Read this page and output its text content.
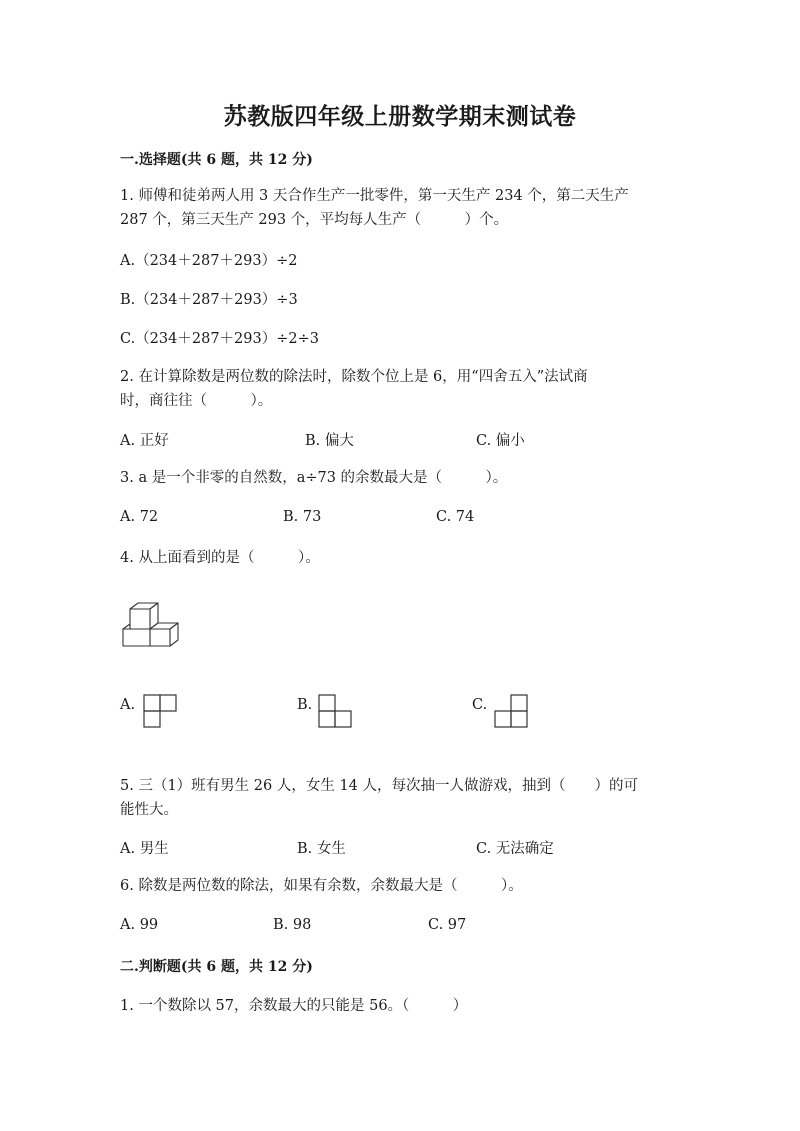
苏教版四年级上册数学期末测试卷
一.选择题(共 6 题，共 12 分)
1. 师傅和徒弟两人用 3 天合作生产一批零件，第一天生产 234 个，第二天生产
287 个，第三天生产 293 个，平均每人生产（　　　）个。
A.（234＋287＋293）÷2
B.（234＋287＋293）÷3
C.（234＋287＋293）÷2÷3
2. 在计算除数是两位数的除法时，除数个位上是 6，用“四舍五入”法试商
时，商往往（　　　）。
A. 正好	B. 偏大	C. 偏小
3. a 是一个非零的自然数，a÷73 的余数最大是（　　　）。
A. 72	B. 73	C. 74
4. 从上面看到的是（　　　）。
A.	B.	C.
5. 三（1）班有男生 26 人，女生 14 人，每次抽一人做游戏，抽到（　　）的可
能性大。
A. 男生	B. 女生	C. 无法确定
6. 除数是两位数的除法，如果有余数，余数最大是（　　　）。
A. 99	B. 98	C. 97
二.判断题(共 6 题，共 12 分)
1. 一个数除以 57，余数最大的只能是 56。（　　　）
